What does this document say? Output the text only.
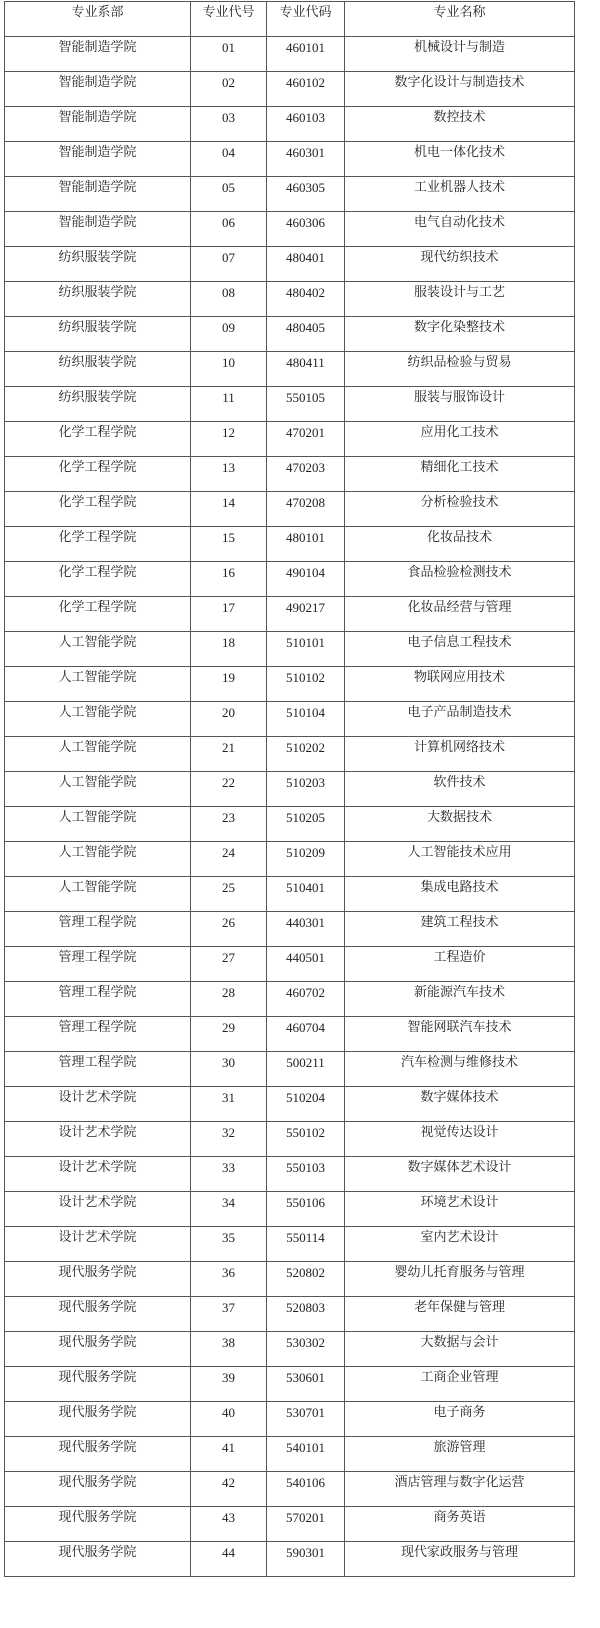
专业系部	专业代号	专业代码	专业名称
智能制造学院	01	460101	机械设计与制造
智能制造学院	02	460102	数字化设计与制造技术
智能制造学院	03	460103	数控技术
智能制造学院	04	460301	机电一体化技术
智能制造学院	05	460305	工业机器人技术
智能制造学院	06	460306	电气自动化技术
纺织服装学院	07	480401	现代纺织技术
纺织服装学院	08	480402	服装设计与工艺
纺织服装学院	09	480405	数字化染整技术
纺织服装学院	10	480411	纺织品检验与贸易
纺织服装学院	11	550105	服装与服饰设计
化学工程学院	12	470201	应用化工技术
化学工程学院	13	470203	精细化工技术
化学工程学院	14	470208	分析检验技术
化学工程学院	15	480101	化妆品技术
化学工程学院	16	490104	食品检验检测技术
化学工程学院	17	490217	化妆品经营与管理
人工智能学院	18	510101	电子信息工程技术
人工智能学院	19	510102	物联网应用技术
人工智能学院	20	510104	电子产品制造技术
人工智能学院	21	510202	计算机网络技术
人工智能学院	22	510203	软件技术
人工智能学院	23	510205	大数据技术
人工智能学院	24	510209	人工智能技术应用
人工智能学院	25	510401	集成电路技术
管理工程学院	26	440301	建筑工程技术
管理工程学院	27	440501	工程造价
管理工程学院	28	460702	新能源汽车技术
管理工程学院	29	460704	智能网联汽车技术
管理工程学院	30	500211	汽车检测与维修技术
设计艺术学院	31	510204	数字媒体技术
设计艺术学院	32	550102	视觉传达设计
设计艺术学院	33	550103	数字媒体艺术设计
设计艺术学院	34	550106	环境艺术设计
设计艺术学院	35	550114	室内艺术设计
现代服务学院	36	520802	婴幼儿托育服务与管理
现代服务学院	37	520803	老年保健与管理
现代服务学院	38	530302	大数据与会计
现代服务学院	39	530601	工商企业管理
现代服务学院	40	530701	电子商务
现代服务学院	41	540101	旅游管理
现代服务学院	42	540106	酒店管理与数字化运营
现代服务学院	43	570201	商务英语
现代服务学院	44	590301	现代家政服务与管理
